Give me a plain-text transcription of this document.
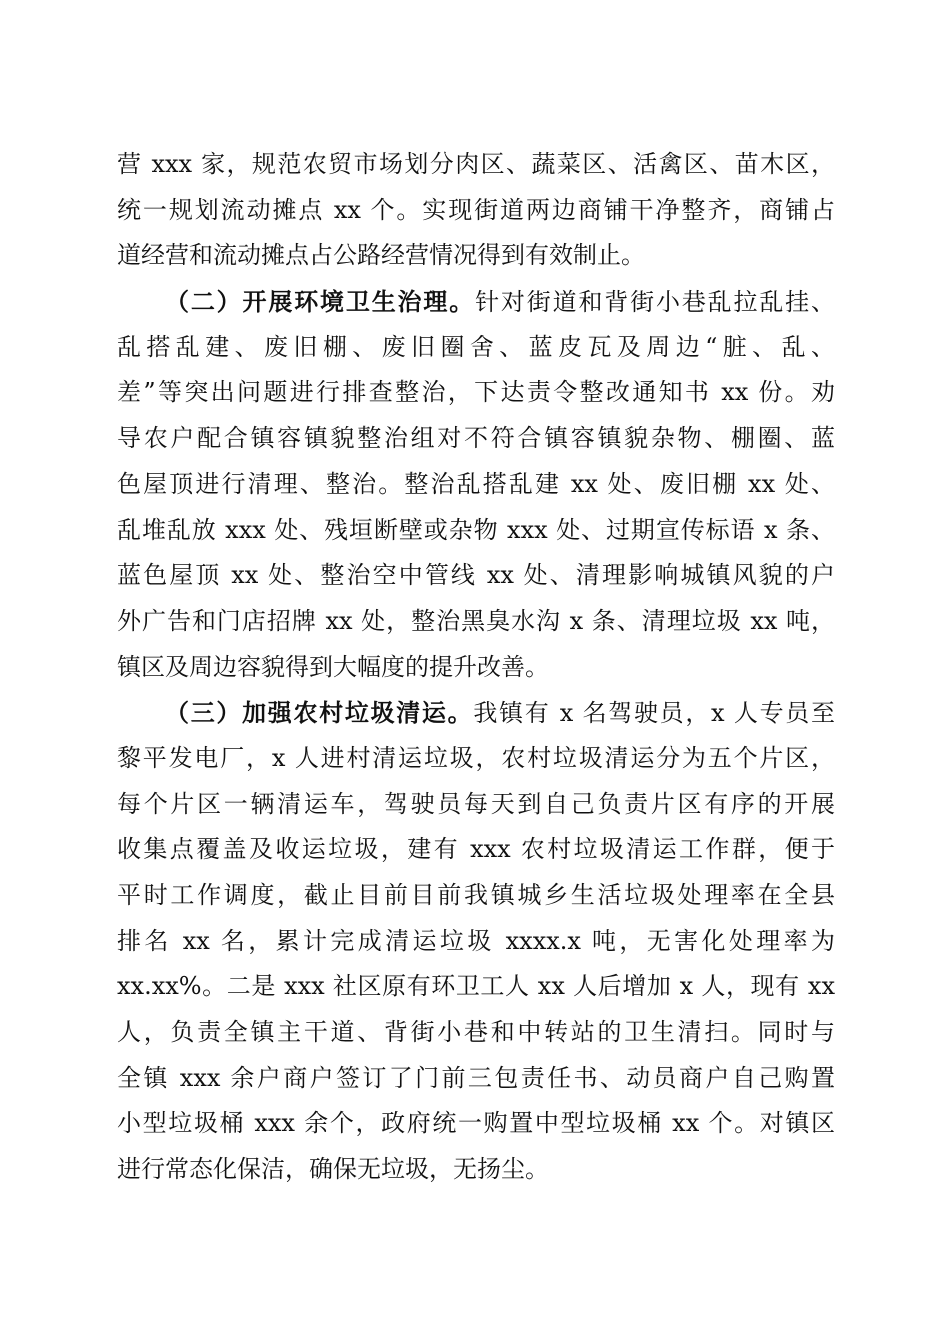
营 xxx 家，规范农贸市场划分肉区、蔬菜区、活禽区、苗木区，
统一规划流动摊点 xx 个。实现街道两边商铺干净整齐，商铺占
道经营和流动摊点占公路经营情况得到有效制止。
（二）开展环境卫生治理。针对街道和背街小巷乱拉乱挂、
乱搭乱建、废旧棚、废旧圈舍、蓝皮瓦及周边“脏、乱、
差”等突出问题进行排查整治，下达责令整改通知书 xx 份。劝
导农户配合镇容镇貌整治组对不符合镇容镇貌杂物、棚圈、蓝
色屋顶进行清理、整治。整治乱搭乱建 xx 处、废旧棚 xx 处、
乱堆乱放 xxx 处、残垣断壁或杂物 xxx 处、过期宣传标语 x 条、
蓝色屋顶 xx 处、整治空中管线 xx 处、清理影响城镇风貌的户
外广告和门店招牌 xx 处，整治黑臭水沟 x 条、清理垃圾 xx 吨，
镇区及周边容貌得到大幅度的提升改善。
（三）加强农村垃圾清运。我镇有 x 名驾驶员，x 人专员至
黎平发电厂，x 人进村清运垃圾，农村垃圾清运分为五个片区，
每个片区一辆清运车，驾驶员每天到自己负责片区有序的开展
收集点覆盖及收运垃圾，建有 xxx 农村垃圾清运工作群，便于
平时工作调度，截止目前目前我镇城乡生活垃圾处理率在全县
排名 xx 名，累计完成清运垃圾 xxxx.x 吨，无害化处理率为
xx.xx%。二是 xxx 社区原有环卫工人 xx 人后增加 x 人，现有 xx
人，负责全镇主干道、背街小巷和中转站的卫生清扫。同时与
全镇 xxx 余户商户签订了门前三包责任书、动员商户自己购置
小型垃圾桶 xxx 余个，政府统一购置中型垃圾桶 xx 个。对镇区
进行常态化保洁，确保无垃圾，无扬尘。
